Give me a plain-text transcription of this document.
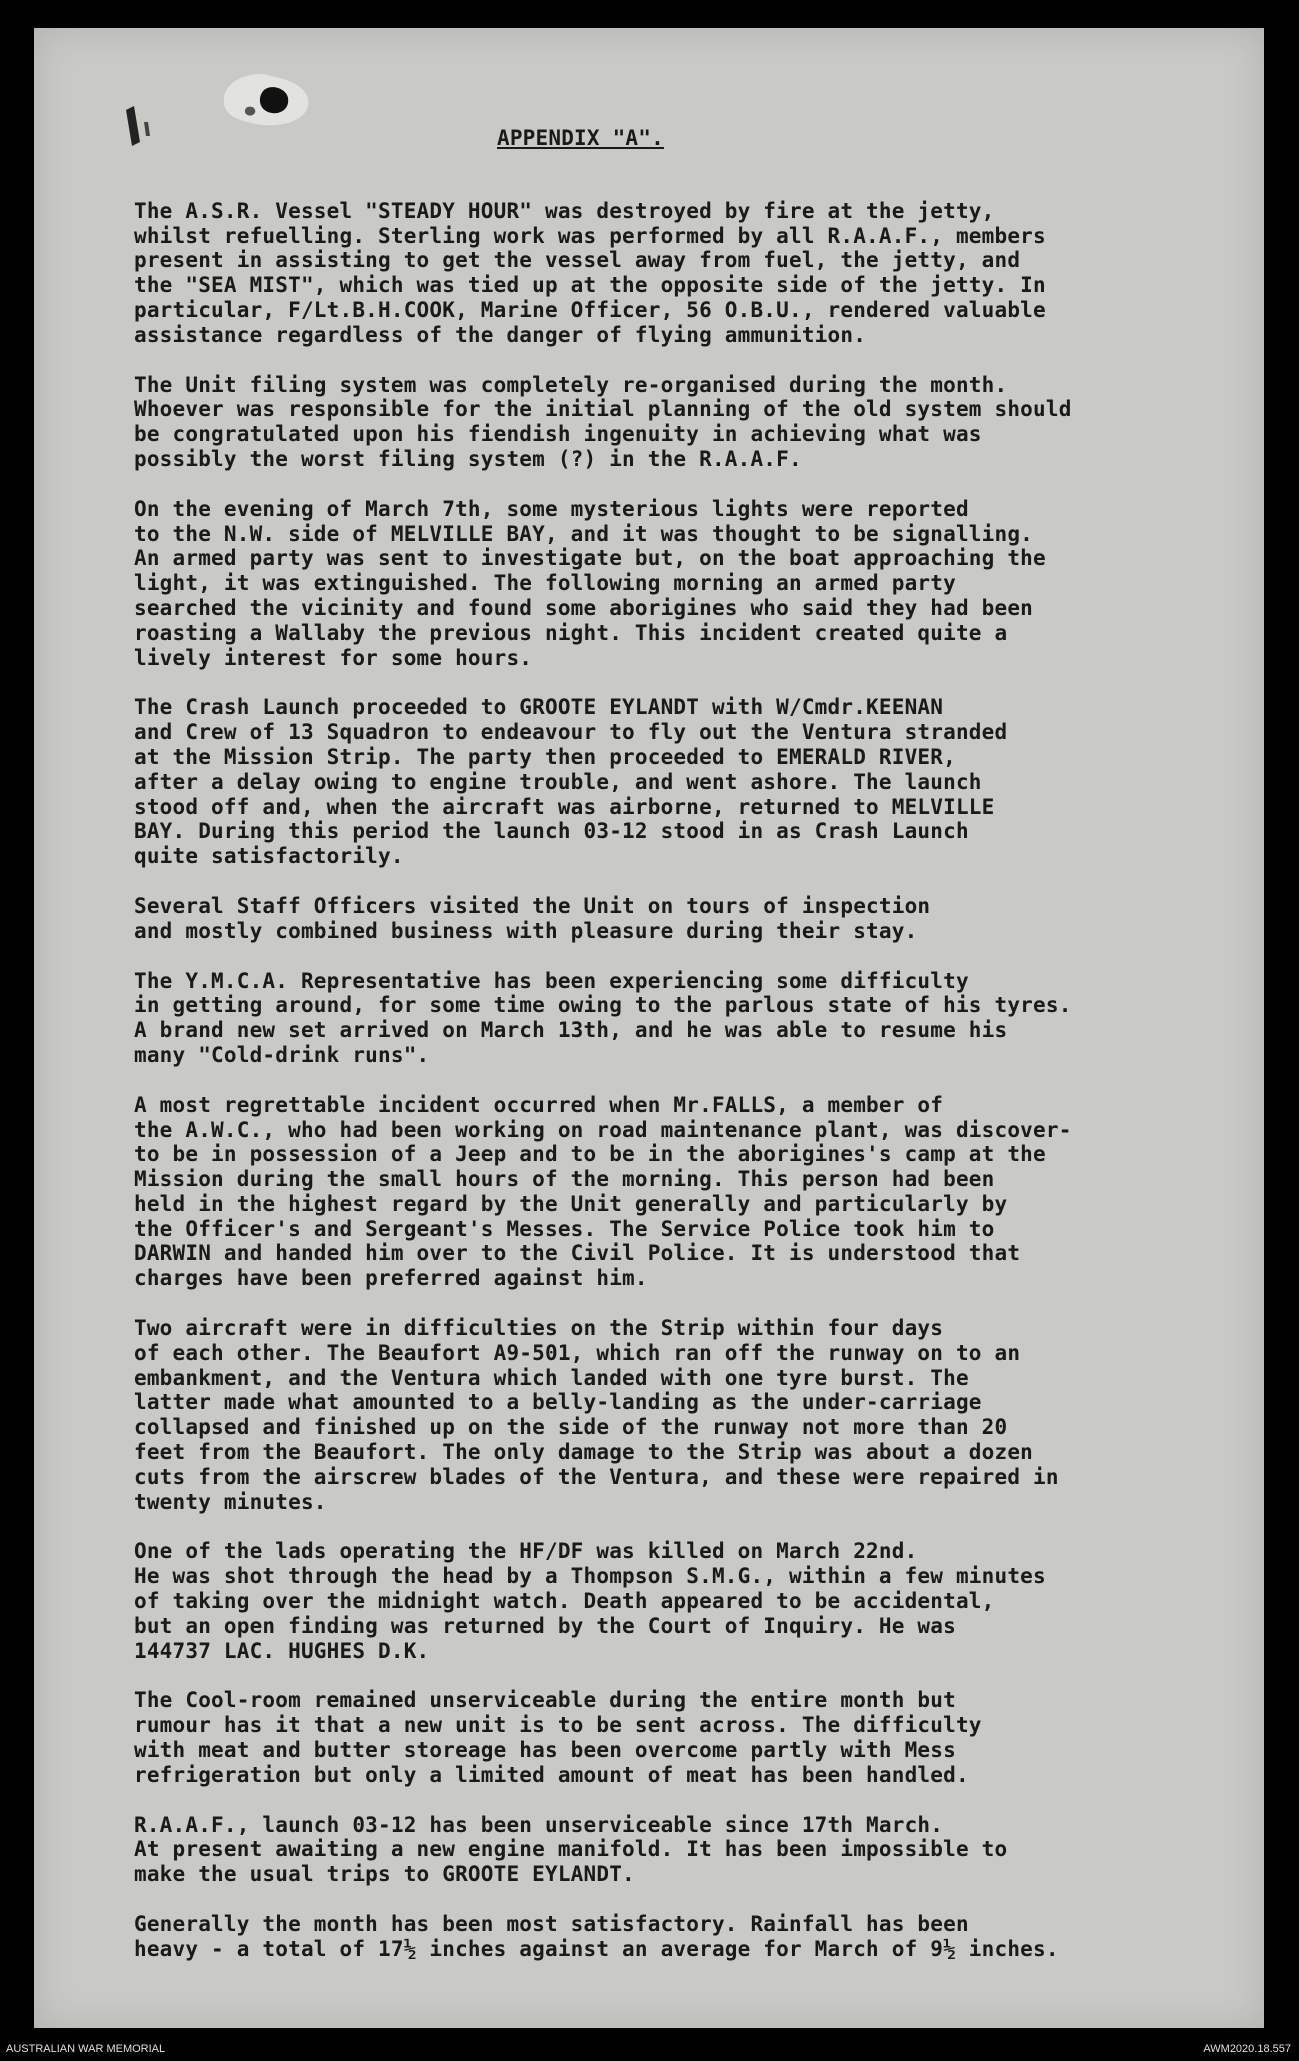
APPENDIX "A".

The A.S.R. Vessel "STEADY HOUR" was destroyed by fire at the jetty,
whilst refuelling. Sterling work was performed by all R.A.A.F., members
present in assisting to get the vessel away from fuel, the jetty, and
the "SEA MIST", which was tied up at the opposite side of the jetty. In
particular, F/Lt.B.H.COOK, Marine Officer, 56 O.B.U., rendered valuable
assistance regardless of the danger of flying ammunition.

The Unit filing system was completely re-organised during the month.
Whoever was responsible for the initial planning of the old system should
be congratulated upon his fiendish ingenuity in achieving what was
possibly the worst filing system (?) in the R.A.A.F.

On the evening of March 7th, some mysterious lights were reported
to the N.W. side of MELVILLE BAY, and it was thought to be signalling.
An armed party was sent to investigate but, on the boat approaching the
light, it was extinguished. The following morning an armed party
searched the vicinity and found some aborigines who said they had been
roasting a Wallaby the previous night. This incident created quite a
lively interest for some hours.

The Crash Launch proceeded to GROOTE EYLANDT with W/Cmdr.KEENAN
and Crew of 13 Squadron to endeavour to fly out the Ventura stranded
at the Mission Strip. The party then proceeded to EMERALD RIVER,
after a delay owing to engine trouble, and went ashore. The launch
stood off and, when the aircraft was airborne, returned to MELVILLE
BAY. During this period the launch 03-12 stood in as Crash Launch
quite satisfactorily.

Several Staff Officers visited the Unit on tours of inspection
and mostly combined business with pleasure during their stay.

The Y.M.C.A. Representative has been experiencing some difficulty
in getting around, for some time owing to the parlous state of his tyres.
A brand new set arrived on March 13th, and he was able to resume his
many "Cold-drink runs".

A most regrettable incident occurred when Mr.FALLS, a member of
the A.W.C., who had been working on road maintenance plant, was discover-
to be in possession of a Jeep and to be in the aborigines's camp at the
Mission during the small hours of the morning. This person had been
held in the highest regard by the Unit generally and particularly by
the Officer's and Sergeant's Messes. The Service Police took him to
DARWIN and handed him over to the Civil Police. It is understood that
charges have been preferred against him.

Two aircraft were in difficulties on the Strip within four days
of each other. The Beaufort A9-501, which ran off the runway on to an
embankment, and the Ventura which landed with one tyre burst. The
latter made what amounted to a belly-landing as the under-carriage
collapsed and finished up on the side of the runway not more than 20
feet from the Beaufort. The only damage to the Strip was about a dozen
cuts from the airscrew blades of the Ventura, and these were repaired in
twenty minutes.

One of the lads operating the HF/DF was killed on March 22nd.
He was shot through the head by a Thompson S.M.G., within a few minutes
of taking over the midnight watch. Death appeared to be accidental,
but an open finding was returned by the Court of Inquiry. He was
144737 LAC. HUGHES D.K.

The Cool-room remained unserviceable during the entire month but
rumour has it that a new unit is to be sent across. The difficulty
with meat and butter storeage has been overcome partly with Mess
refrigeration but only a limited amount of meat has been handled.

R.A.A.F., launch 03-12 has been unserviceable since 17th March.
At present awaiting a new engine manifold. It has been impossible to
make the usual trips to GROOTE EYLANDT.

Generally the month has been most satisfactory. Rainfall has been
heavy - a total of 17½ inches against an average for March of 9½ inches.

AUSTRALIAN WAR MEMORIAL	AWM2020.18.557
